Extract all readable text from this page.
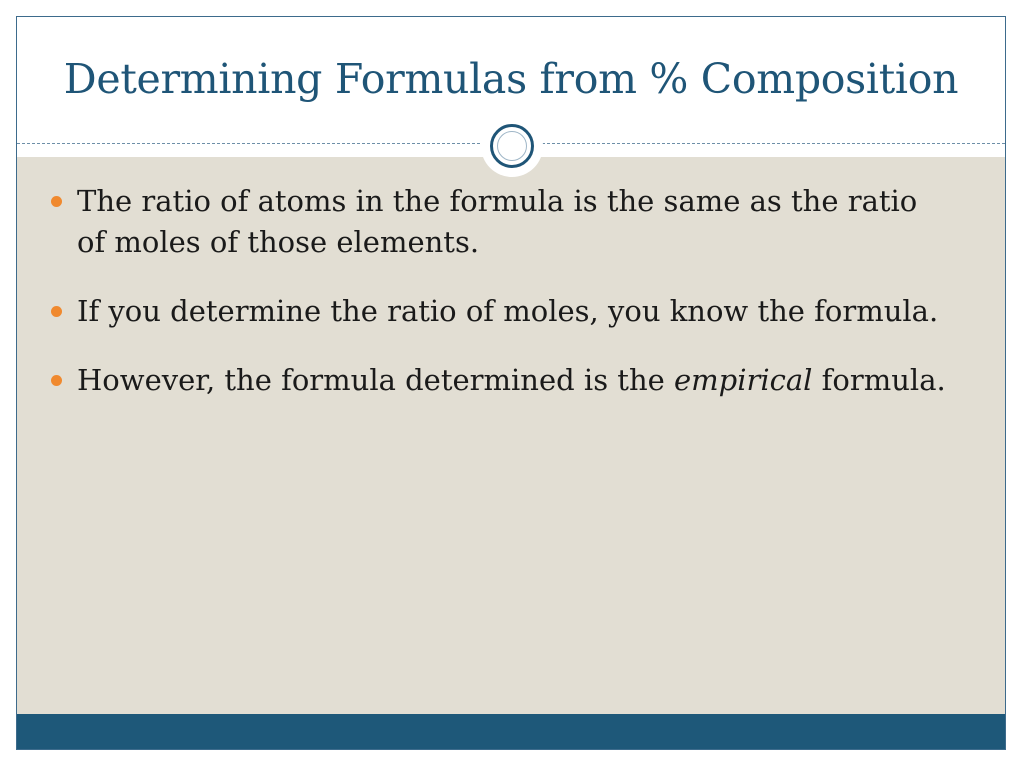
Determining Formulas from % Composition
The ratio of atoms in the formula is the same as the ratio of moles of those elements.
If you determine the ratio of moles, you know the formula.
However, the formula determined is the empirical formula.
